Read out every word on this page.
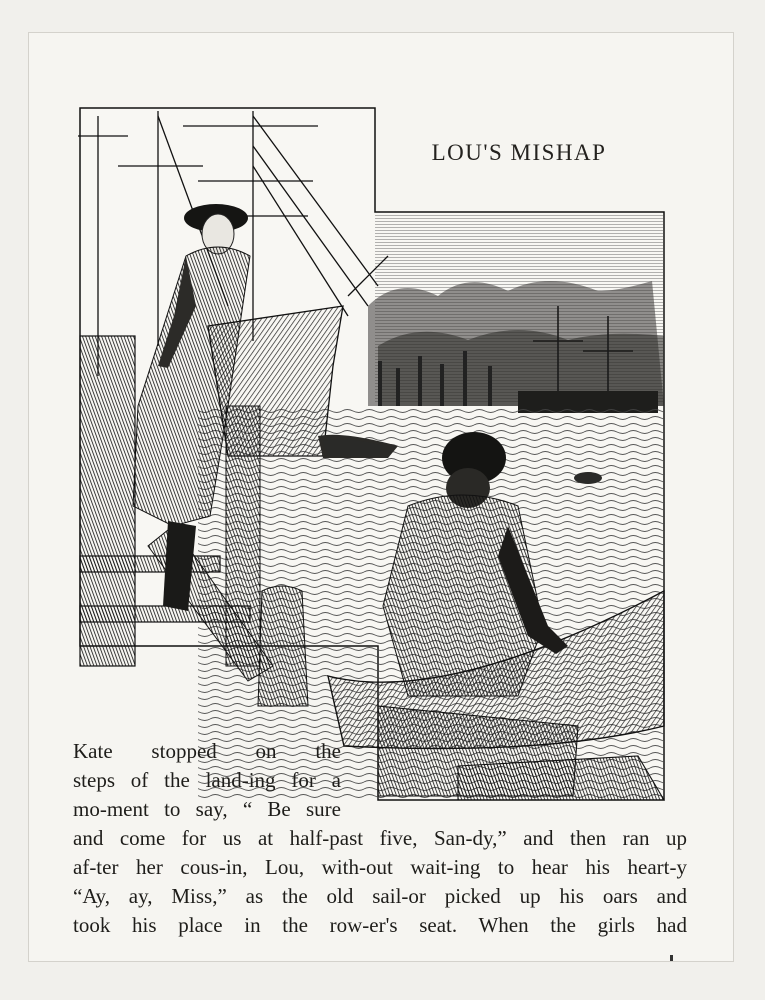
LOU'S MISHAP
Kate stopped on the
steps of the land-ing for a
mo-ment to say, “ Be sure
and come for us at half-past five, San-dy,” and then ran up
af-ter her cous-in, Lou, with-out wait-ing to hear his heart-y
“Ay, ay, Miss,” as the old sail-or picked up his oars and
took his place in the row-er's seat. When the girls had
